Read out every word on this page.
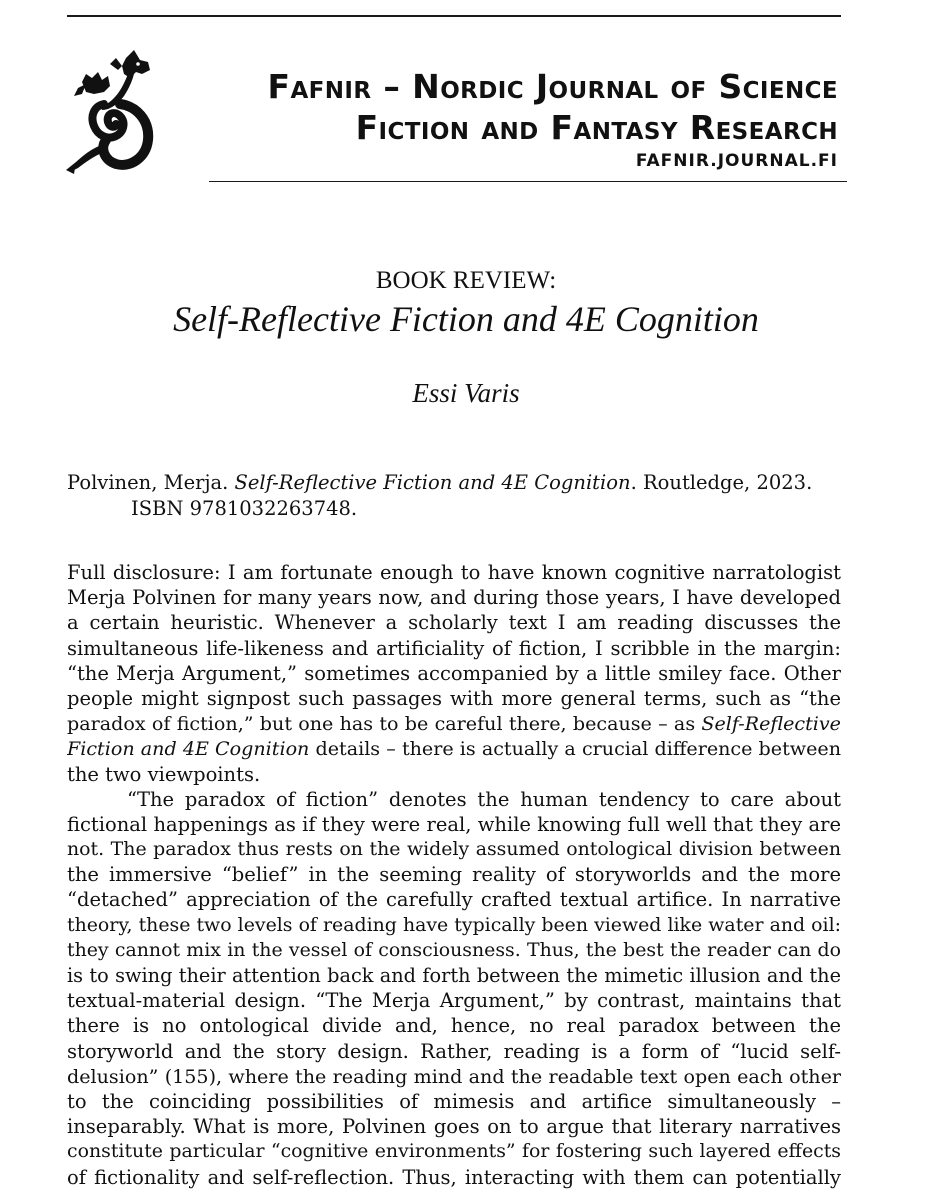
Fafnir – Nordic Journal of Science
Fiction and Fantasy Research
FAFNIR.JOURNAL.FI
BOOK REVIEW:
Self-Reflective Fiction and 4E Cognition
Essi Varis
Polvinen, Merja. Self-Reflective Fiction and 4E Cognition. Routledge, 2023.
ISBN 9781032263748.
Full disclosure: I am fortunate enough to have known cognitive narratologist
Merja Polvinen for many years now, and during those years, I have developed
a certain heuristic. Whenever a scholarly text I am reading discusses the
simultaneous life-likeness and artificiality of fiction, I scribble in the margin:
“the Merja Argument,” sometimes accompanied by a little smiley face. Other
people might signpost such passages with more general terms, such as “the
paradox of fiction,” but one has to be careful there, because – as Self-Reflective
Fiction and 4E Cognition details – there is actually a crucial difference between
the two viewpoints.
“The paradox of fiction” denotes the human tendency to care about
fictional happenings as if they were real, while knowing full well that they are
not. The paradox thus rests on the widely assumed ontological division between
the immersive “belief” in the seeming reality of storyworlds and the more
“detached” appreciation of the carefully crafted textual artifice. In narrative
theory, these two levels of reading have typically been viewed like water and oil:
they cannot mix in the vessel of consciousness. Thus, the best the reader can do
is to swing their attention back and forth between the mimetic illusion and the
textual-material design. “The Merja Argument,” by contrast, maintains that
there is no ontological divide and, hence, no real paradox between the
storyworld and the story design. Rather, reading is a form of “lucid self-
delusion” (155), where the reading mind and the readable text open each other
to the coinciding possibilities of mimesis and artifice simultaneously –
inseparably. What is more, Polvinen goes on to argue that literary narratives
constitute particular “cognitive environments” for fostering such layered effects
of fictionality and self-reflection. Thus, interacting with them can potentially
